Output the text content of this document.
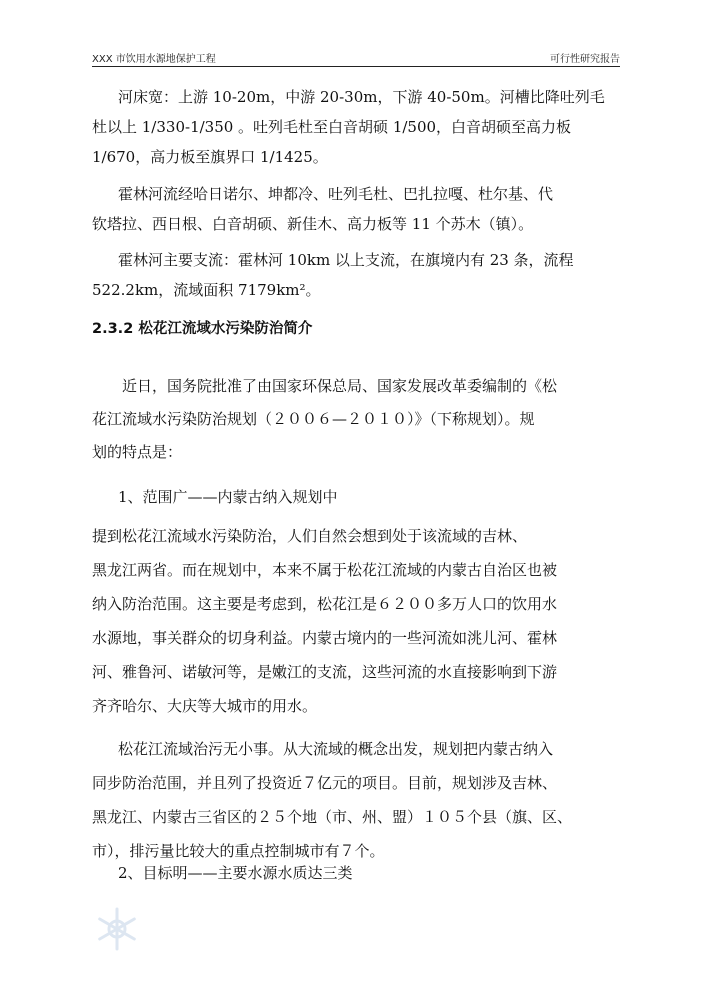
XXX 市饮用水源地保护工程	可行性研究报告
河床宽：上游 10-20m，中游 20-30m，下游 40-50m。河槽比降吐列毛
杜以上 1/330-1/350 。吐列毛杜至白音胡硕 1/500，白音胡硕至高力板
1/670，高力板至旗界口 1/1425。
霍林河流经哈日诺尔、坤都冷、吐列毛杜、巴扎拉嘎、杜尔基、代
钦塔拉、西日根、白音胡硕、新佳木、高力板等 11 个苏木（镇）。
霍林河主要支流：霍林河 10km 以上支流，在旗境内有 23 条，流程
522.2km，流域面积 7179km²。
2.3.2 松花江流域水污染防治简介
近日，国务院批准了由国家环保总局、国家发展改革委编制的《松
花江流域水污染防治规划（２００６—２０１０）》（下称规划）。规
划的特点是：
1、范围广——内蒙古纳入规划中
提到松花江流域水污染防治，人们自然会想到处于该流域的吉林、
黑龙江两省。而在规划中，本来不属于松花江流域的内蒙古自治区也被
纳入防治范围。这主要是考虑到，松花江是６２００多万人口的饮用水
水源地，事关群众的切身利益。内蒙古境内的一些河流如洮儿河、霍林
河、雅鲁河、诺敏河等，是嫩江的支流，这些河流的水直接影响到下游
齐齐哈尔、大庆等大城市的用水。
松花江流域治污无小事。从大流域的概念出发，规划把内蒙古纳入
同步防治范围，并且列了投资近７亿元的项目。目前，规划涉及吉林、
黑龙江、内蒙古三省区的２５个地（市、州、盟）１０５个县（旗、区、
市），排污量比较大的重点控制城市有７个。
2、目标明——主要水源水质达三类
